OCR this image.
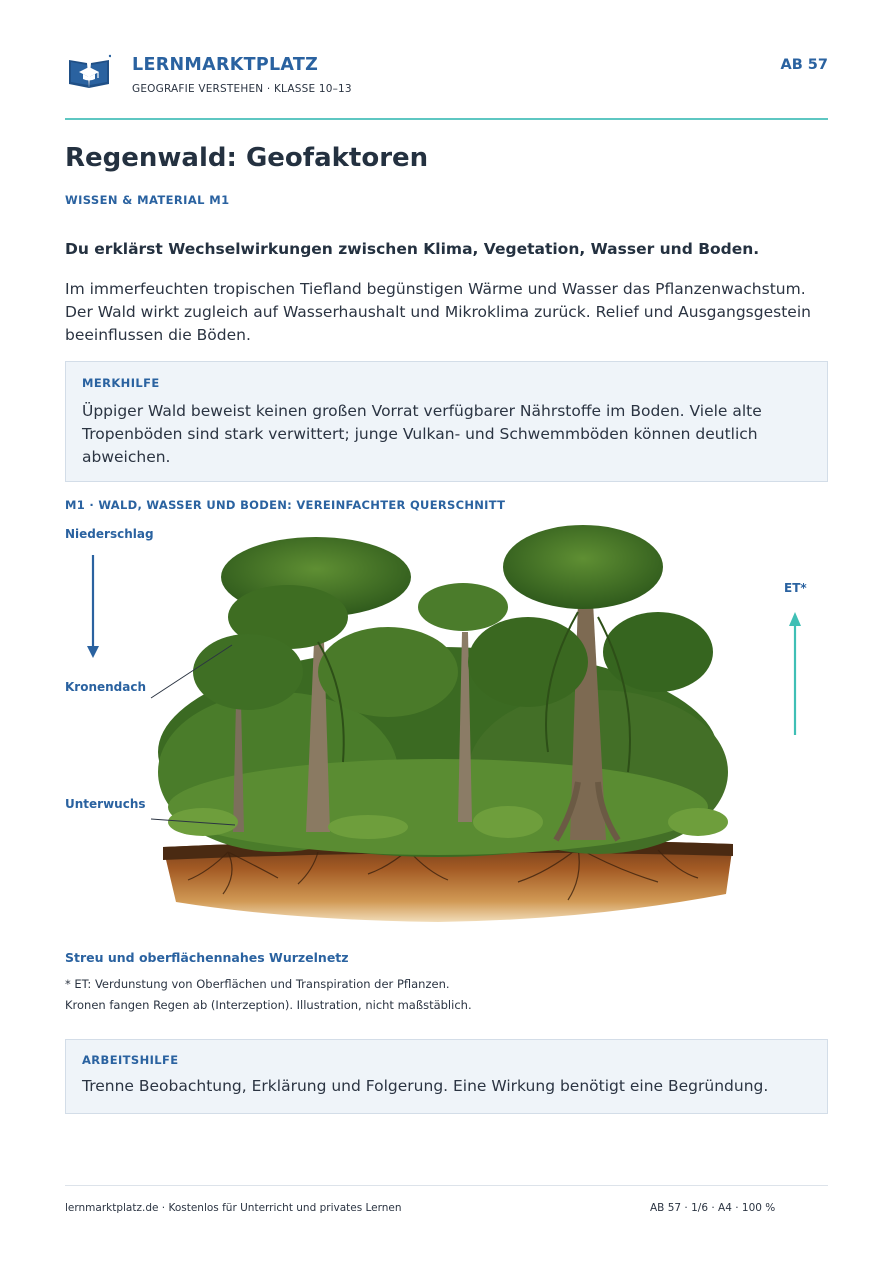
LERNMARKTPLATZ
GEOGRAFIE VERSTEHEN · KLASSE 10–13
AB 57
Regenwald: Geofaktoren
WISSEN & MATERIAL M1
Du erklärst Wechselwirkungen zwischen Klima, Vegetation, Wasser und Boden.
Im immerfeuchten tropischen Tiefland begünstigen Wärme und Wasser das Pflanzenwachstum. Der Wald wirkt zugleich auf Wasserhaushalt und Mikroklima zurück. Relief und Ausgangsgestein beeinflussen die Böden.
MERKHILFE
Üppiger Wald beweist keinen großen Vorrat verfügbarer Nährstoffe im Boden. Viele alte Tropenböden sind stark verwittert; junge Vulkan- und Schwemmböden können deutlich abweichen.
M1 · WALD, WASSER UND BODEN: VEREINFACHTER QUERSCHNITT
Niederschlag
Kronendach
Unterwuchs
ET*
Streu und oberflächennahes Wurzelnetz
* ET: Verdunstung von Oberflächen und Transpiration der Pflanzen.
Kronen fangen Regen ab (Interzeption). Illustration, nicht maßstäblich.
ARBEITSHILFE
Trenne Beobachtung, Erklärung und Folgerung. Eine Wirkung benötigt eine Begründung.
lernmarktplatz.de · Kostenlos für Unterricht und privates Lernen	AB 57 · 1/6 · A4 · 100 %
